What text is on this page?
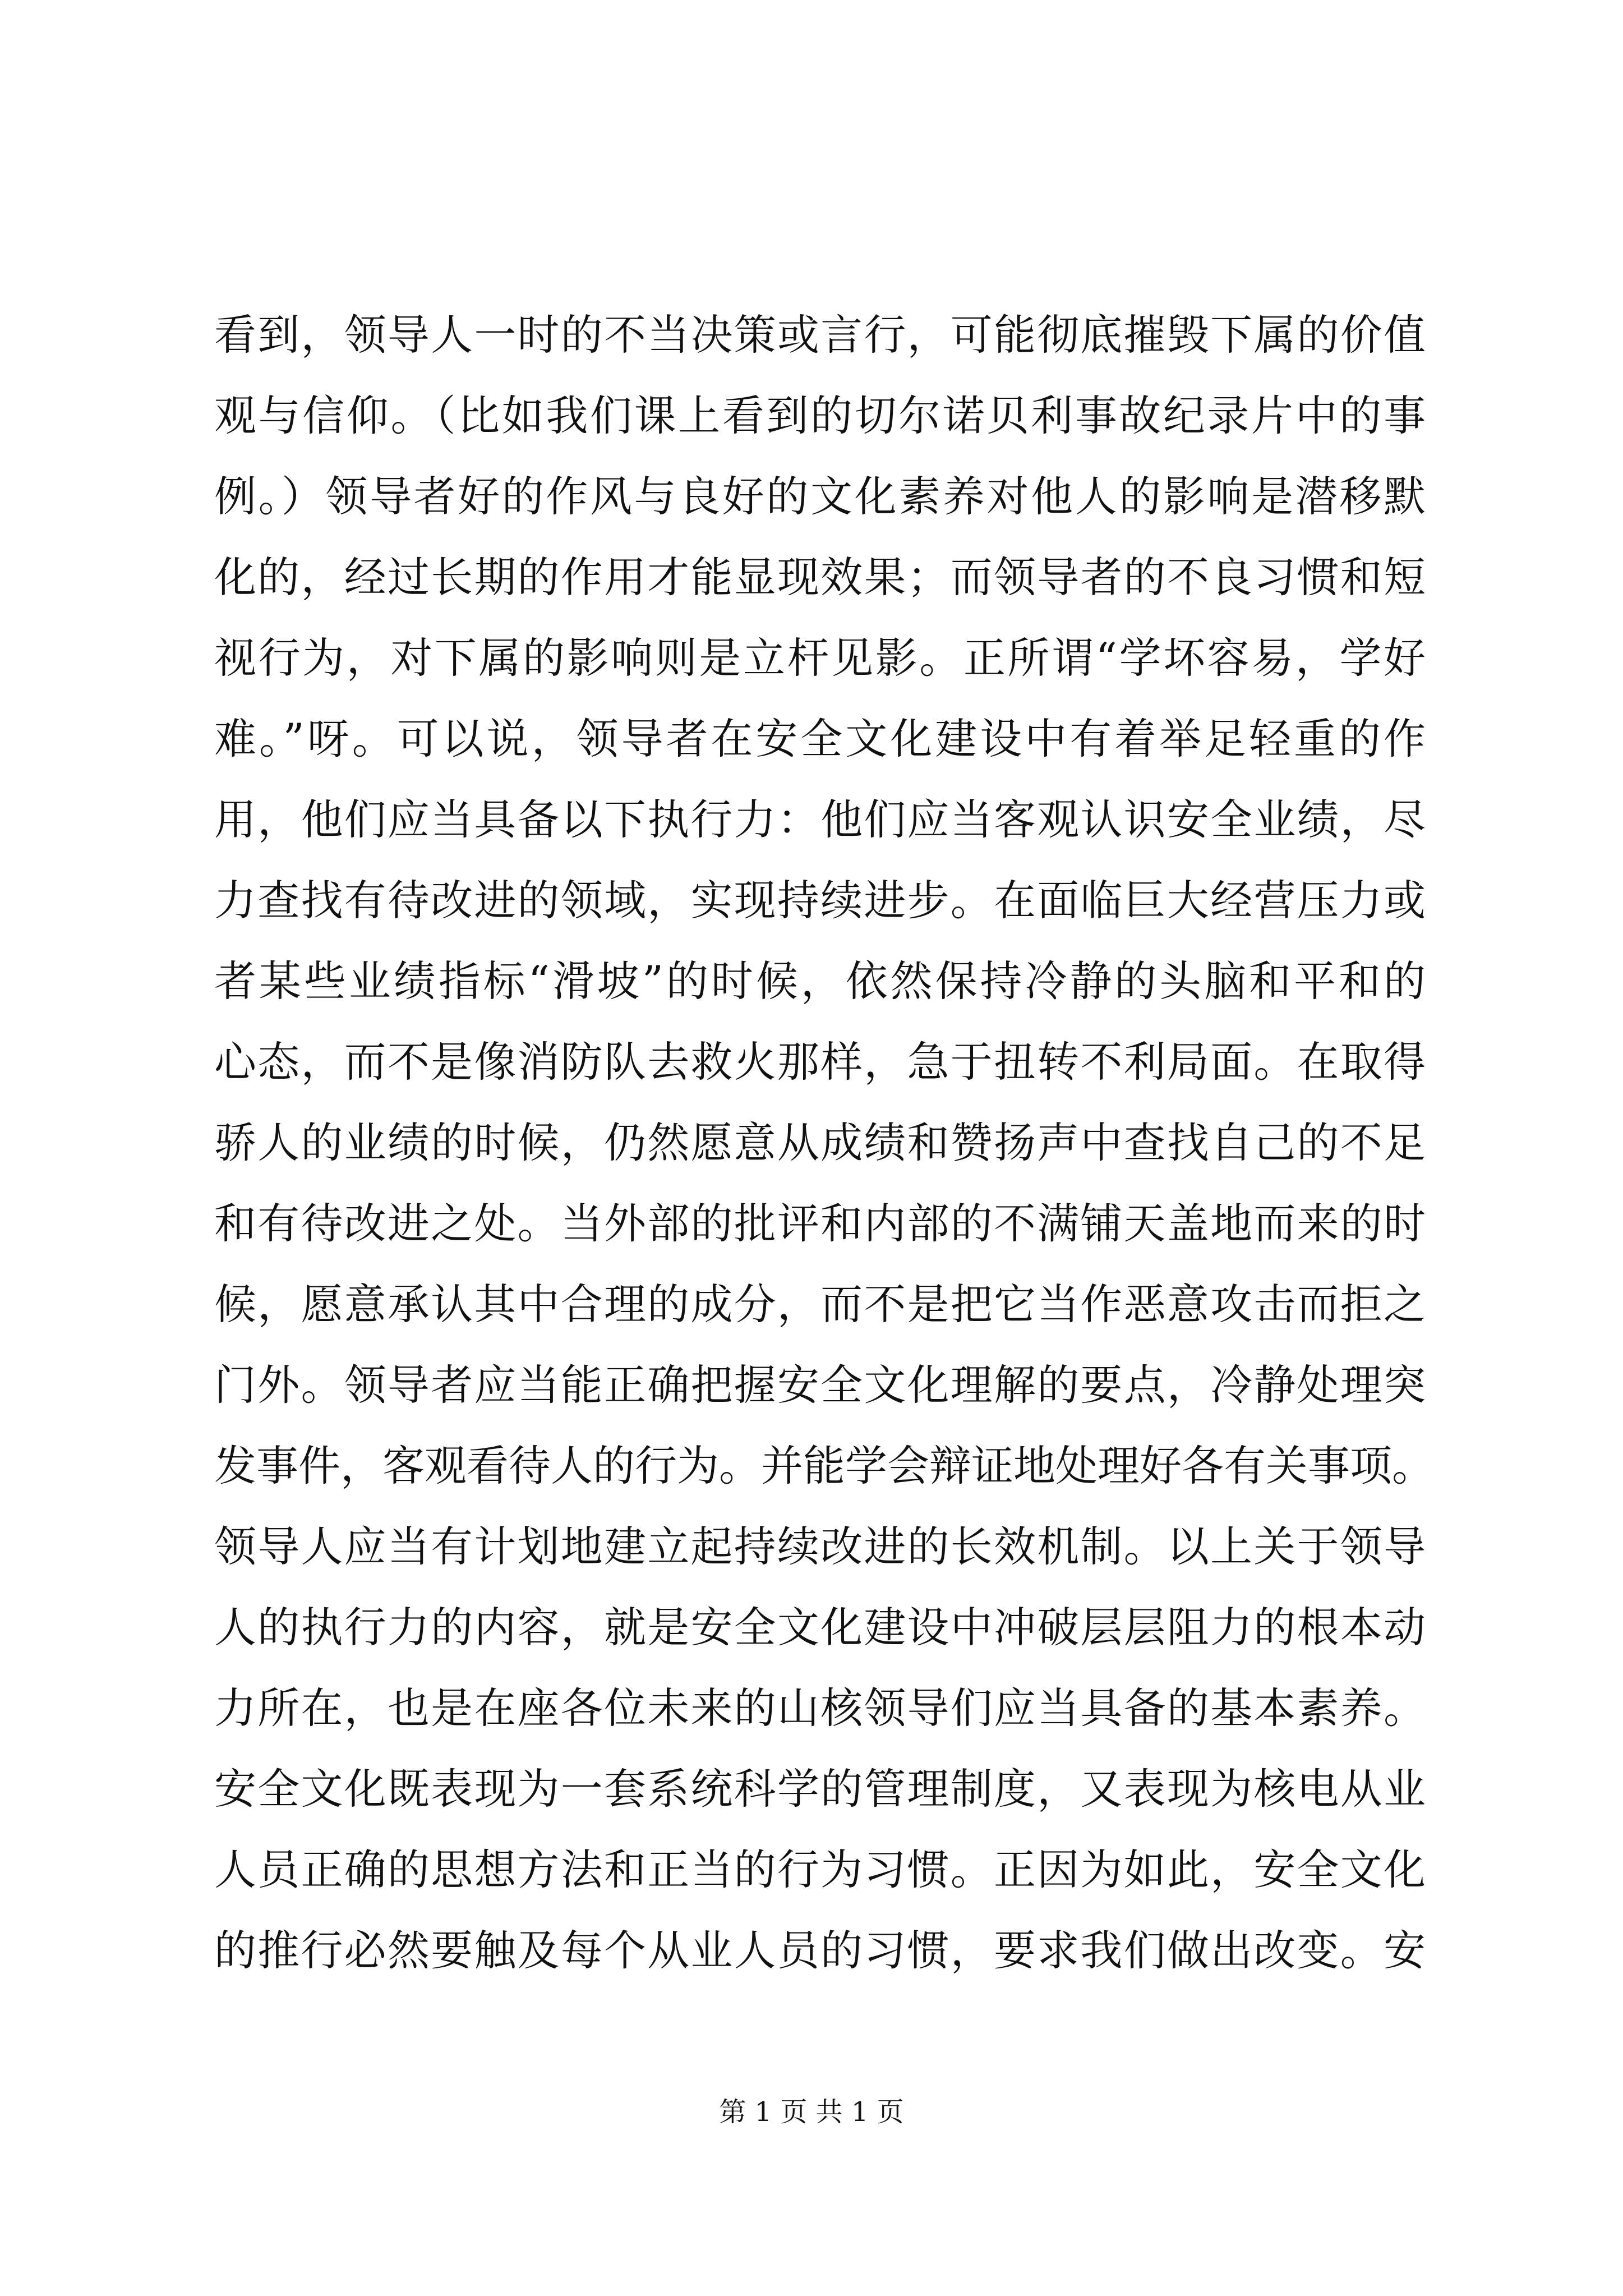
看到，领导人一时的不当决策或言行，可能彻底摧毁下属的价值
观与信仰。（比如我们课上看到的切尔诺贝利事故纪录片中的事
例。）领导者好的作风与良好的文化素养对他人的影响是潜移默
化的，经过长期的作用才能显现效果；而领导者的不良习惯和短
视行为，对下属的影响则是立杆见影。正所谓“学坏容易，学好
难。”呀。可以说，领导者在安全文化建设中有着举足轻重的作
用，他们应当具备以下执行力：他们应当客观认识安全业绩，尽
力查找有待改进的领域，实现持续进步。在面临巨大经营压力或
者某些业绩指标“滑坡”的时候，依然保持冷静的头脑和平和的
心态，而不是像消防队去救火那样，急于扭转不利局面。在取得
骄人的业绩的时候，仍然愿意从成绩和赞扬声中查找自己的不足
和有待改进之处。当外部的批评和内部的不满铺天盖地而来的时
候，愿意承认其中合理的成分，而不是把它当作恶意攻击而拒之
门外。领导者应当能正确把握安全文化理解的要点，冷静处理突
发事件，客观看待人的行为。并能学会辩证地处理好各有关事项。
领导人应当有计划地建立起持续改进的长效机制。以上关于领导
人的执行力的内容，就是安全文化建设中冲破层层阻力的根本动
力所在，也是在座各位未来的山核领导们应当具备的基本素养。
安全文化既表现为一套系统科学的管理制度，又表现为核电从业
人员正确的思想方法和正当的行为习惯。正因为如此，安全文化
的推行必然要触及每个从业人员的习惯，要求我们做出改变。安
第 1 页 共 1 页
